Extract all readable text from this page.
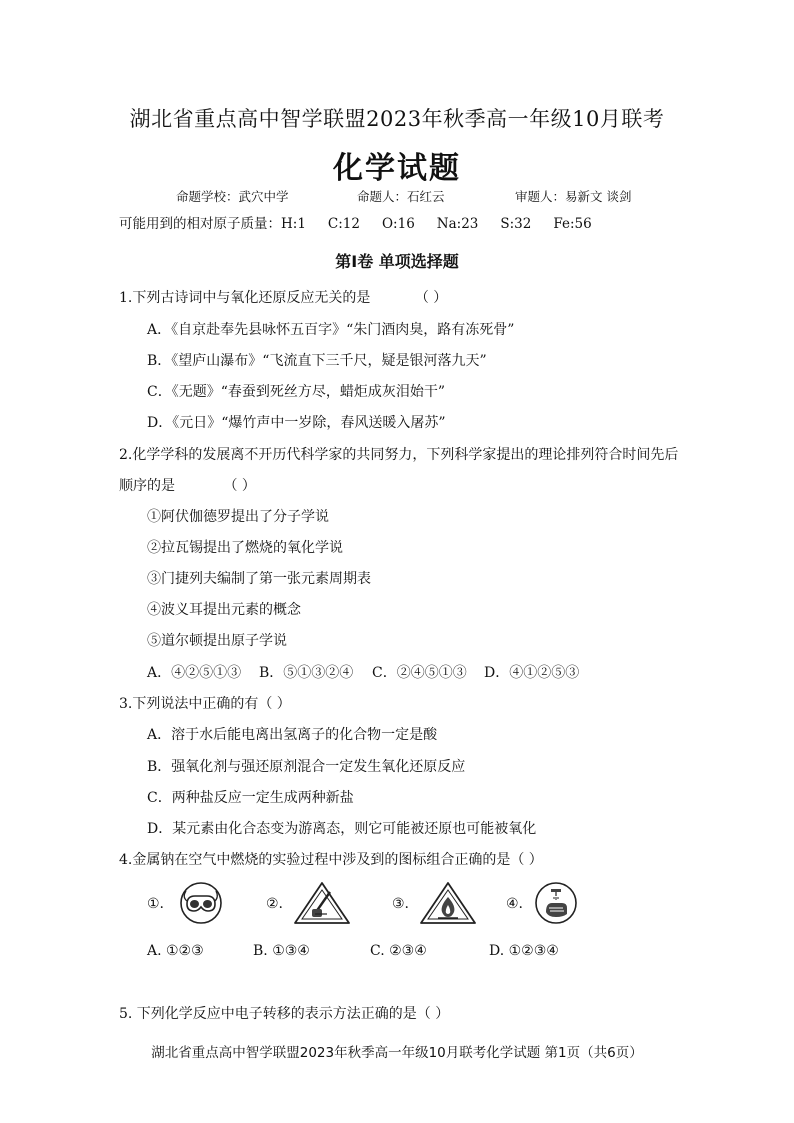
湖北省重点高中智学联盟2023年秋季高一年级10月联考
化学试题
命题学校：武穴中学	命题人：石红云	审题人：易新文 谈剑
可能用到的相对原子质量：H:1 C:12 O:16 Na:23 S:32 Fe:56
第Ⅰ卷 单项选择题
1.下列古诗词中与氧化还原反应无关的是	（ ）
A．《自京赴奉先县咏怀五百字》“朱门酒肉臭，路有冻死骨”
B．《望庐山瀑布》“飞流直下三千尺，疑是银河落九天”
C．《无题》“春蚕到死丝方尽，蜡炬成灰泪始干”
D．《元日》“爆竹声中一岁除，春风送暖入屠苏”
2.化学学科的发展离不开历代科学家的共同努力，下列科学家提出的理论排列符合时间先后
顺序的是	（ ）
①阿伏伽德罗提出了分子学说
②拉瓦锡提出了燃烧的氧化学说
③门捷列夫编制了第一张元素周期表
④波义耳提出元素的概念
⑤道尔顿提出原子学说
A．④②⑤①③ B．⑤①③②④ C．②④⑤①③ D．④①②⑤③
3.下列说法中正确的有（ ）
A．溶于水后能电离出氢离子的化合物一定是酸
B．强氧化剂与强还原剂混合一定发生氧化还原反应
C．两种盐反应一定生成两种新盐
D．某元素由化合态变为游离态，则它可能被还原也可能被氧化
4.金属钠在空气中燃烧的实验过程中涉及到的图标组合正确的是（ ）
①.	②.	③.	④.
A. ①②③	B. ①③④	C. ②③④	D. ①②③④
5. 下列化学反应中电子转移的表示方法正确的是（ ）
湖北省重点高中智学联盟2023年秋季高一年级10月联考化学试题 第1页（共6页）
